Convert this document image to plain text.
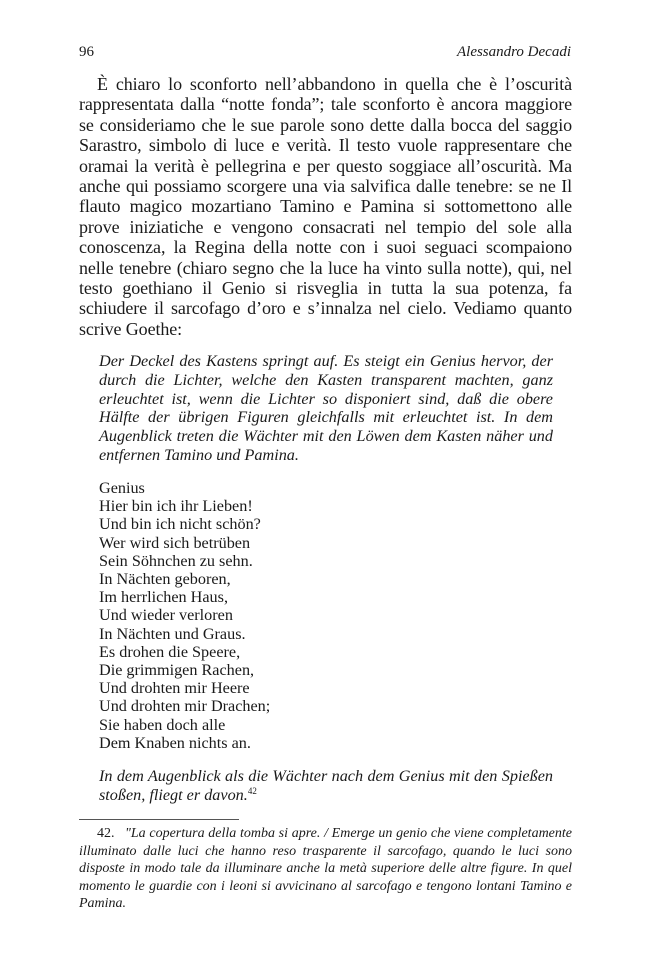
96	Alessandro Decadi

È chiaro lo sconforto nell’abbandono in quella che è l’oscurità rappresentata dalla “notte fonda”; tale sconforto è ancora maggiore se consideriamo che le sue parole sono dette dalla bocca del saggio Sarastro, simbolo di luce e verità. Il testo vuole rappresentare che oramai la verità è pellegrina e per questo soggiace all’oscurità. Ma anche qui possiamo scorgere una via salvifica dalle tenebre: se ne Il flauto magico mozartiano Tamino e Pamina si sottomettono alle prove iniziatiche e vengono consacrati nel tempio del sole alla conoscenza, la Regina della notte con i suoi seguaci scompaiono nelle tenebre (chiaro segno che la luce ha vinto sulla notte), qui, nel testo goethiano il Genio si risveglia in tutta la sua potenza, fa schiudere il sarcofago d’oro e s’innalza nel cielo. Vediamo quanto scrive Goethe:

Der Deckel des Kastens springt auf. Es steigt ein Genius hervor, der durch die Lichter, welche den Kasten transparent machten, ganz erleuchtet ist, wenn die Lichter so disponiert sind, daß die obere Hälfte der übrigen Figuren gleichfalls mit erleuchtet ist. In dem Augenblick treten die Wächter mit den Löwen dem Kasten näher und entfernen Tamino und Pamina.

Genius
Hier bin ich ihr Lieben!
Und bin ich nicht schön?
Wer wird sich betrüben
Sein Söhnchen zu sehn.
In Nächten geboren,
Im herrlichen Haus,
Und wieder verloren
In Nächten und Graus.
Es drohen die Speere,
Die grimmigen Rachen,
Und drohten mir Heere
Und drohten mir Drachen;
Sie haben doch alle
Dem Knaben nichts an.

In dem Augenblick als die Wächter nach dem Genius mit den Spießen stoßen, fliegt er davon.$^{42}$

42. "La copertura della tomba si apre. / Emerge un genio che viene completamente illuminato dalle luci che hanno reso trasparente il sarcofago, quando le luci sono disposte in modo tale da illuminare anche la metà superiore delle altre figure. In quel momento le guardie con i leoni si avvicinano al sarcofago e tengono lontani Tamino e Pamina.
